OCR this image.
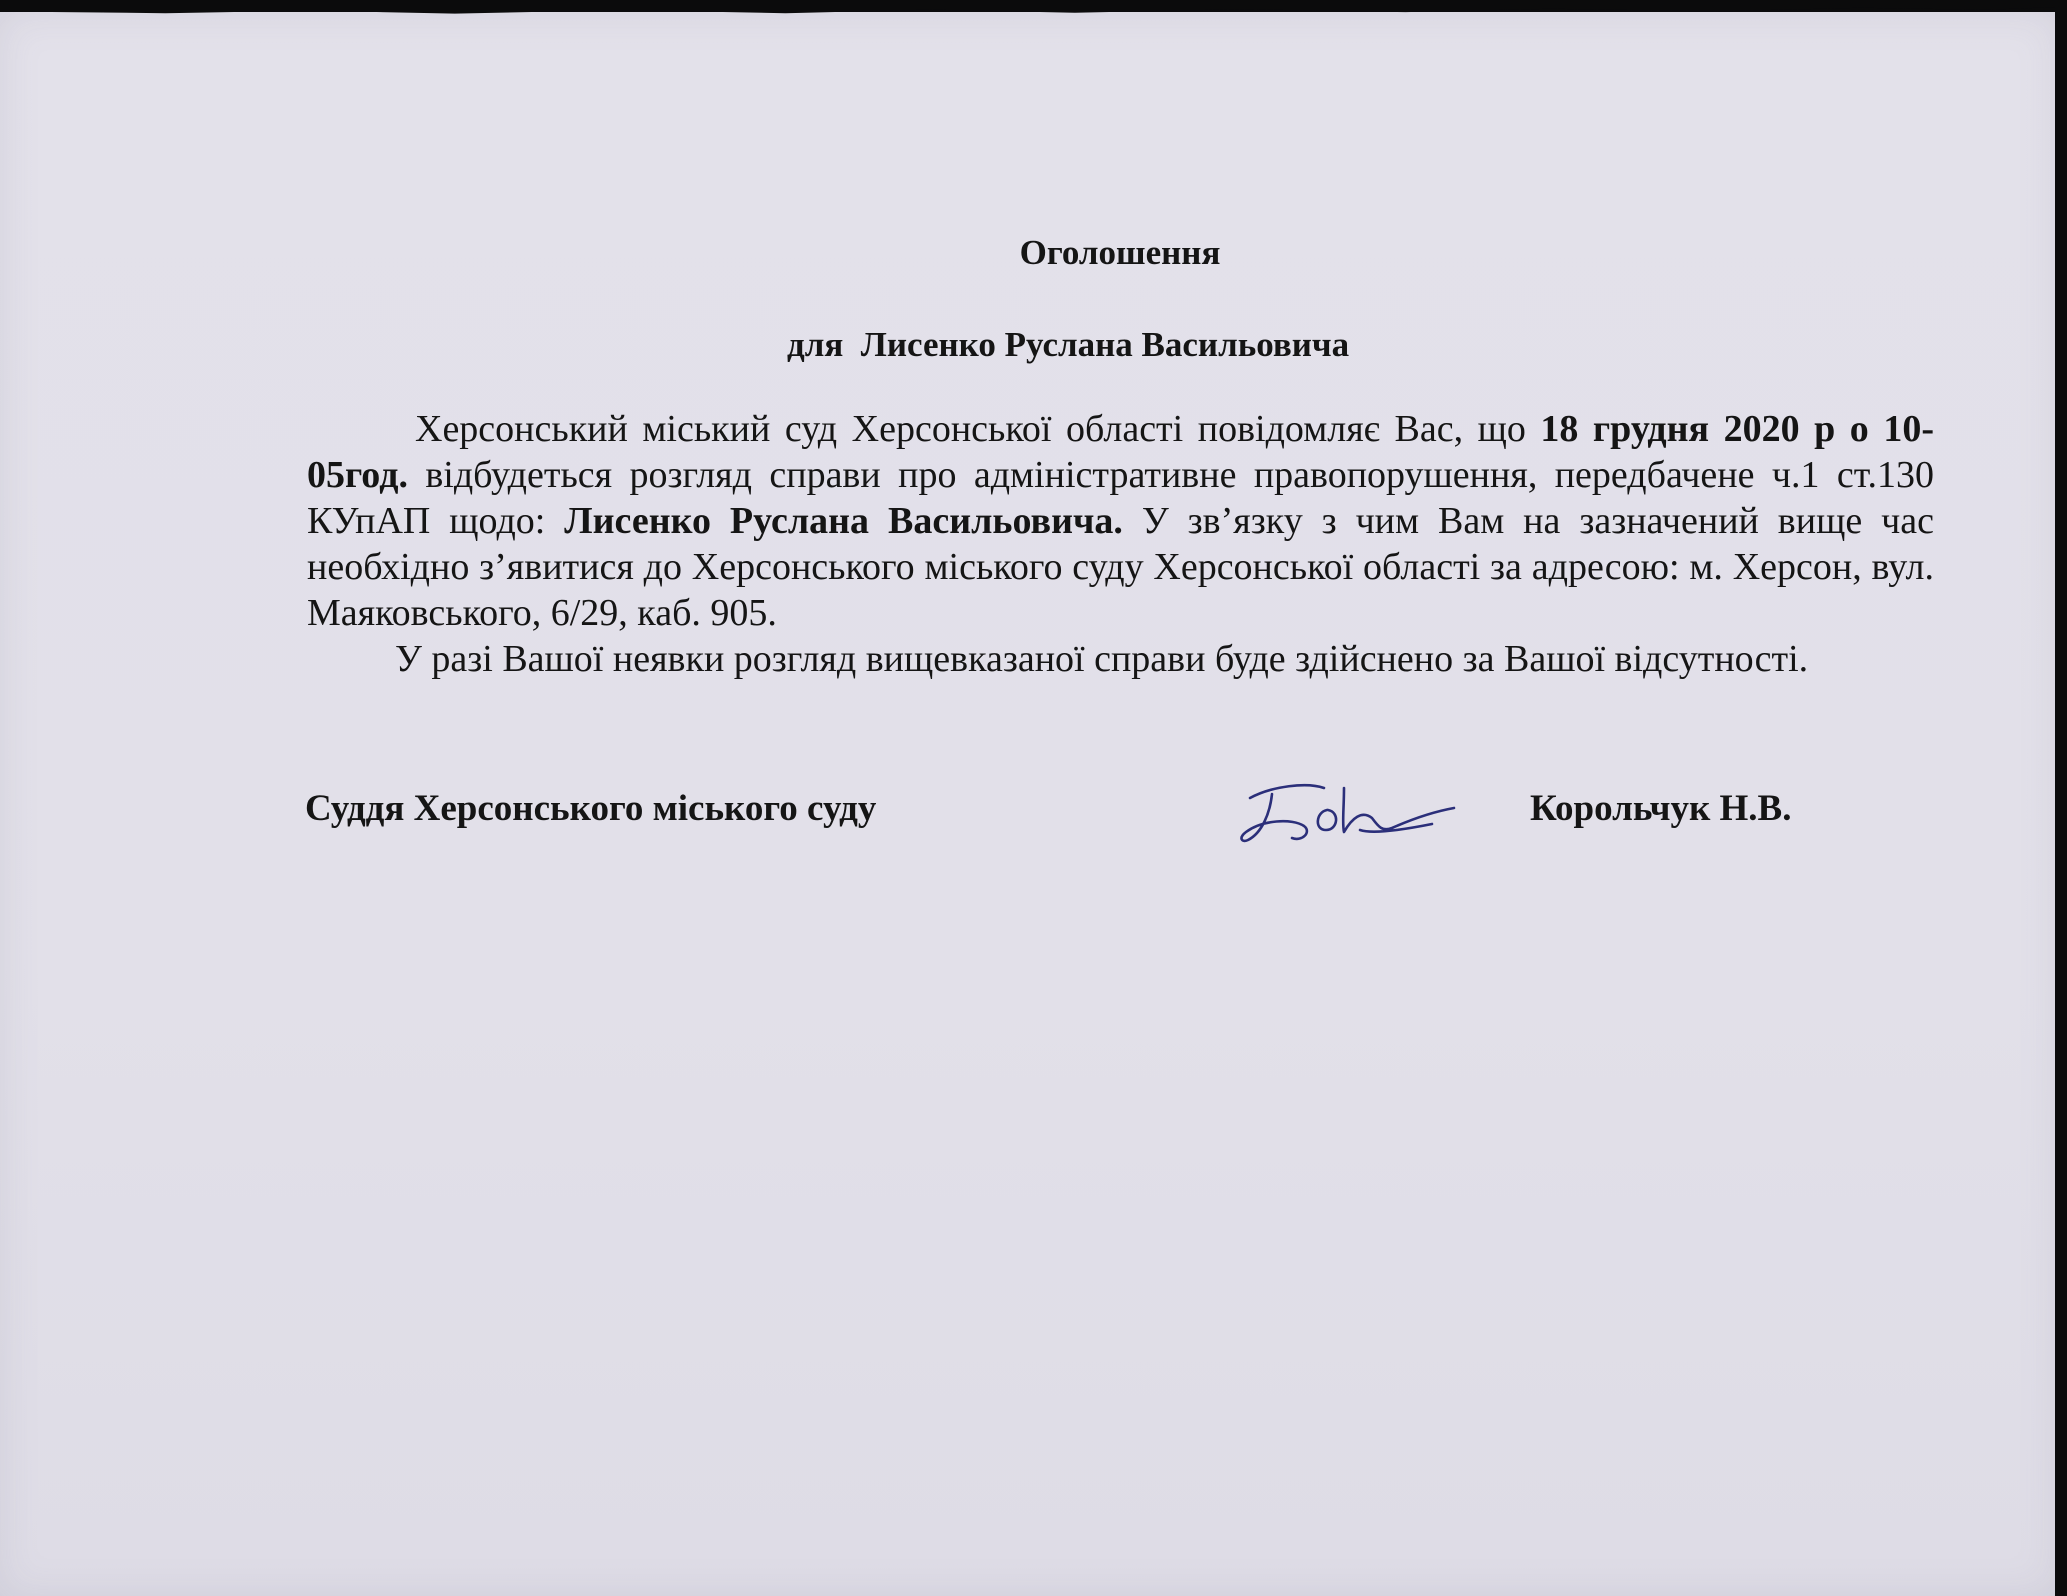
Оголошення
для  Лисенко Руслана Васильовича

Херсонський міський суд Херсонської області повідомляє Вас, що 18 грудня 2020 р о 10-05год. відбудеться розгляд справи про адміністративне правопорушення, передбачене ч.1 ст.130 КУпАП щодо: Лисенко Руслана Васильовича. У зв’язку з чим Вам на зазначений вище час необхідно з’явитися до Херсонського міського суду Херсонської області за адресою: м. Херсон, вул. Маяковського, 6/29, каб. 905.

У разі Вашої неявки розгляд вищевказаної справи буде здійснено за Вашої відсутності.

Суддя Херсонського міського суду	Корольчук Н.В.
